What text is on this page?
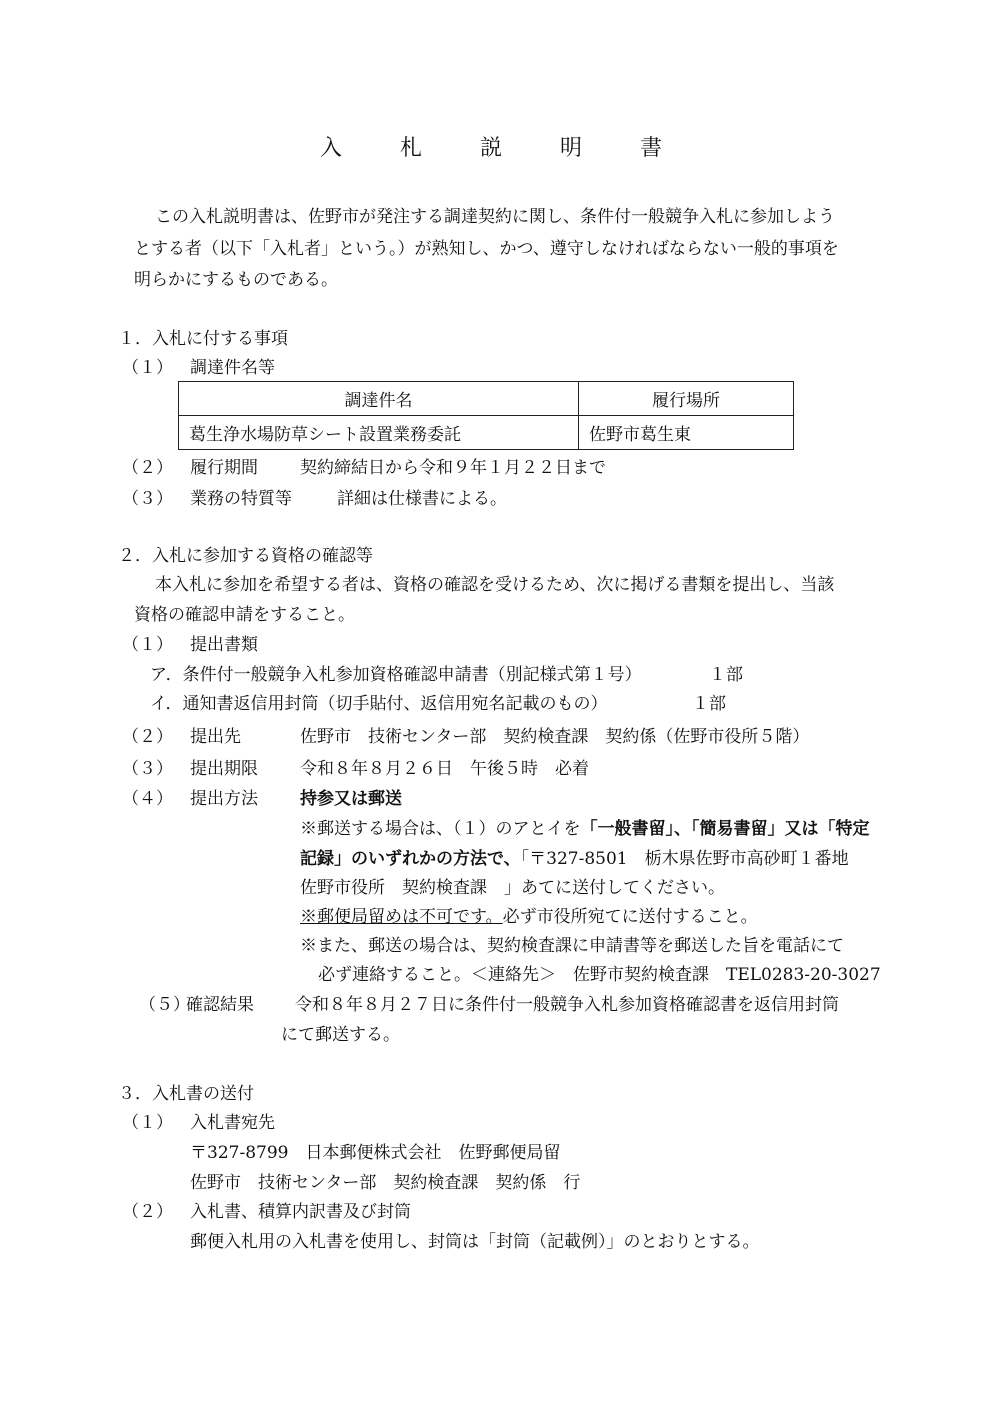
入　札　説　明　書
この入札説明書は、佐野市が発注する調達契約に関し、条件付一般競争入札に参加しよう
とする者（以下「入札者」という。）が熟知し、かつ、遵守しなければならない一般的事項を
明らかにするものである。
１．入札に付する事項
（１） 調達件名等
調達件名	履行場所
葛生浄水場防草シート設置業務委託	佐野市葛生東
（２） 履行期間 契約締結日から令和９年１月２２日まで
（３） 業務の特質等	詳細は仕様書による。
２．入札に参加する資格の確認等
本入札に参加を希望する者は、資格の確認を受けるため、次に掲げる書類を提出し、当該
資格の確認申請をすること。
（１） 提出書類
ア．条件付一般競争入札参加資格確認申請書（別記様式第１号）	１部
イ．通知書返信用封筒（切手貼付、返信用宛名記載のもの）	１部
（２） 提出先	佐野市　技術センター部　契約検査課　契約係（佐野市役所５階）
（３） 提出期限 令和８年８月２６日　午後５時　必着
（４） 提出方法 持参又は郵送
※郵送する場合は、（１）のアとイを「一般書留」、「簡易書留」又は「特定
記録」のいずれかの方法で、「〒327-8501　栃木県佐野市高砂町１番地
佐野市役所　契約検査課　」あてに送付してください。
※郵便局留めは不可です。必ず市役所宛てに送付すること。
※また、郵送の場合は、契約検査課に申請書等を郵送した旨を電話にて
必ず連絡すること。＜連絡先＞　佐野市契約検査課　TEL0283-20-3027
（５）
確認結果 令和８年８月２７日に条件付一般競争入札参加資格確認書を返信用封筒
にて郵送する。
３．入札書の送付
（１） 入札書宛先
〒327-8799　日本郵便株式会社　佐野郵便局留
佐野市　技術センター部　契約検査課　契約係　行
（２） 入札書、積算内訳書及び封筒
郵便入札用の入札書を使用し、封筒は「封筒（記載例）」のとおりとする。
